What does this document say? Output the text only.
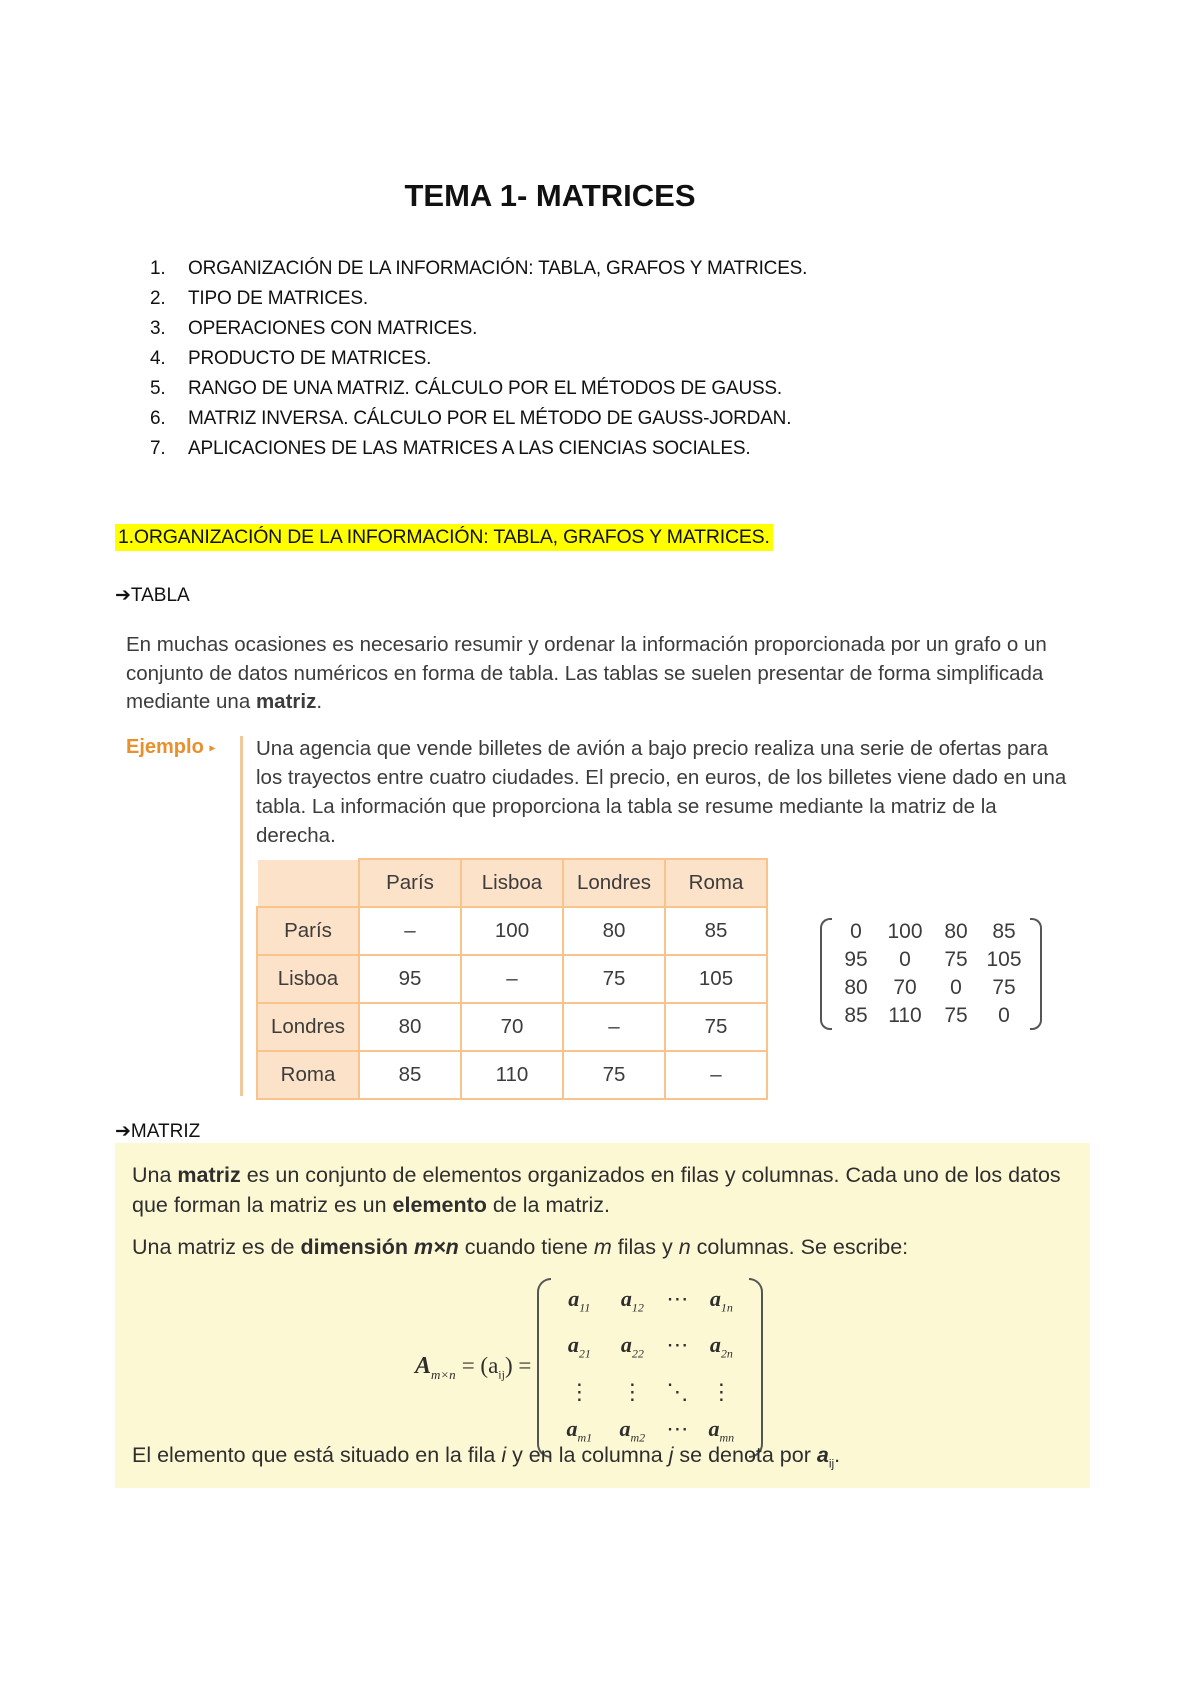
TEMA 1- MATRICES
1. ORGANIZACIÓN DE LA INFORMACIÓN: TABLA, GRAFOS Y MATRICES.
2. TIPO DE MATRICES.
3. OPERACIONES CON MATRICES.
4. PRODUCTO DE MATRICES.
5. RANGO DE UNA MATRIZ. CÁLCULO POR EL MÉTODOS DE GAUSS.
6. MATRIZ INVERSA. CÁLCULO POR EL MÉTODO DE GAUSS-JORDAN.
7. APLICACIONES DE LAS MATRICES A LAS CIENCIAS SOCIALES.
1.ORGANIZACIÓN DE LA INFORMACIÓN: TABLA, GRAFOS Y MATRICES.
➔TABLA
En muchas ocasiones es necesario resumir y ordenar la información proporcionada por un grafo o un conjunto de datos numéricos en forma de tabla. Las tablas se suelen presentar de forma simplificada mediante una matriz.
Ejemplo ▸ Una agencia que vende billetes de avión a bajo precio realiza una serie de ofertas para los trayectos entre cuatro ciudades. El precio, en euros, de los billetes viene dado en una tabla. La información que proporciona la tabla se resume mediante la matriz de la derecha.
	París	Lisboa	Londres	Roma
París	–	100	80	85
Lisboa	95	–	75	105
Londres	80	70	–	75
Roma	85	110	75	–
0	100	80	85
95	0	75 105
80	70	0	75
85 110	75	0
➔MATRIZ
Una matriz es un conjunto de elementos organizados en filas y columnas. Cada uno de los datos que forman la matriz es un elemento de la matriz.
Una matriz es de dimensión m×n cuando tiene m filas y n columnas. Se escribe:
$A_{m\times n} = (a_{ij})$ =
$a_{11}$	$a_{12}$	⋯ $a_{1n}$
$a_{21}$	$a_{22}$	⋯ $a_{2n}$
⋮	⋮	⋱	⋮
$a_{m1}$	$a_{m2}$ ⋯ $a_{mn}$
El elemento que está situado en la fila i y en la columna j se denota por $a_{ij}$.
